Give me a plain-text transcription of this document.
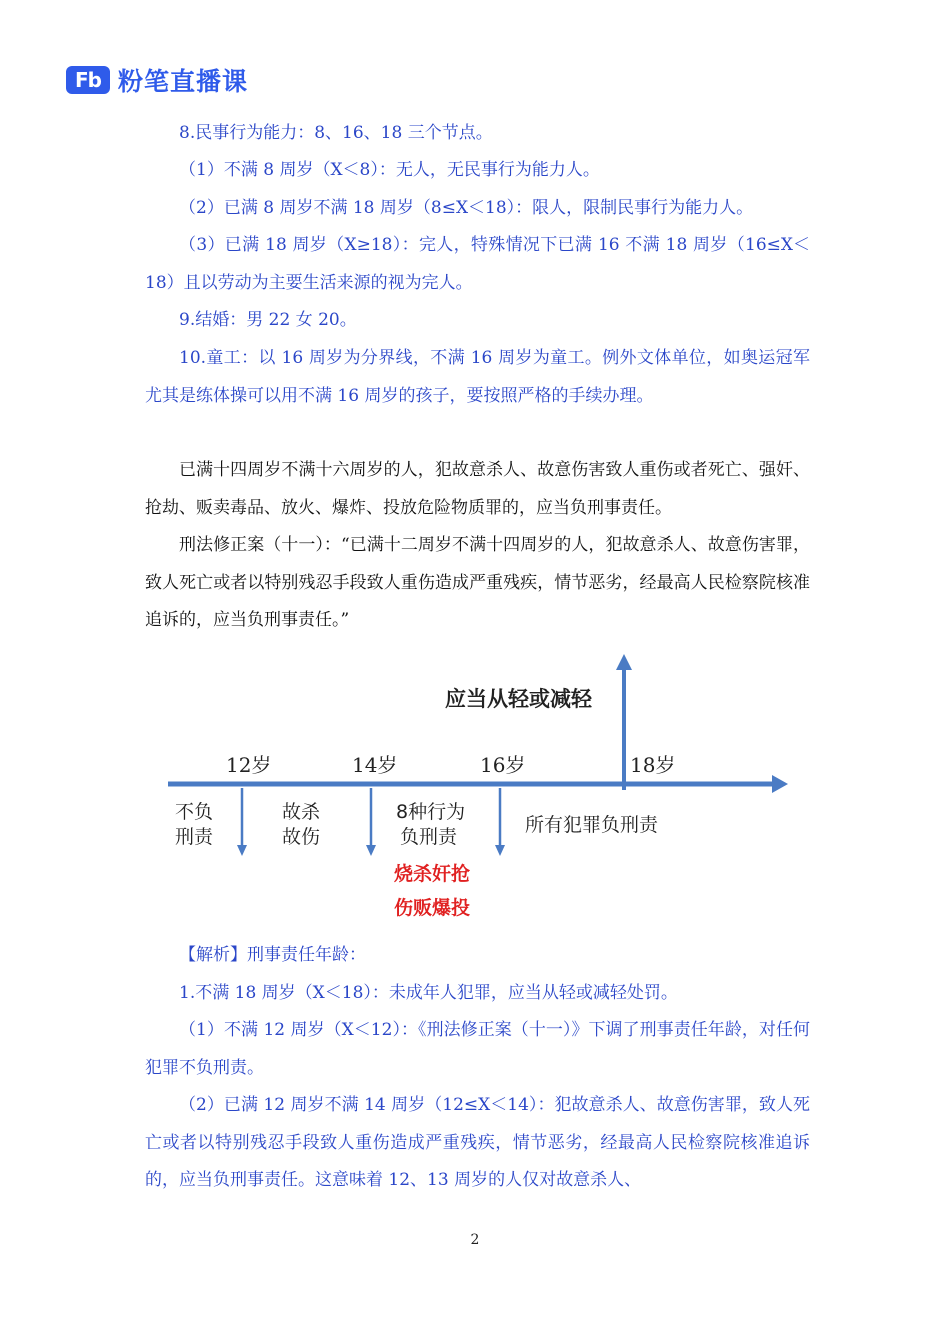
Fb 粉笔直播课

8.民事行为能力：8、16、18 三个节点。

（1）不满 8 周岁（X＜8）：无人，无民事行为能力人。

（2）已满 8 周岁不满 18 周岁（8≤X＜18）：限人，限制民事行为能力人。

（3）已满 18 周岁（X≥18）：完人，特殊情况下已满 16 不满 18 周岁（16≤X＜18）且以劳动为主要生活来源的视为完人。

9.结婚：男 22 女 20。

10.童工：以 16 周岁为分界线，不满 16 周岁为童工。例外文体单位，如奥运冠军尤其是练体操可以用不满 16 周岁的孩子，要按照严格的手续办理。

已满十四周岁不满十六周岁的人，犯故意杀人、故意伤害致人重伤或者死亡、强奸、抢劫、贩卖毒品、放火、爆炸、投放危险物质罪的，应当负刑事责任。

刑法修正案（十一）：“已满十二周岁不满十四周岁的人，犯故意杀人、故意伤害罪，致人死亡或者以特别残忍手段致人重伤造成严重残疾，情节恶劣，经最高人民检察院核准追诉的，应当负刑事责任。”

应当从轻或减轻
12岁	14岁	16岁	18岁
不负
刑责
故杀
故伤
8种行为
负刑责
所有犯罪负刑责
烧杀奸抢
伤贩爆投

【解析】刑事责任年龄：

1.不满 18 周岁（X＜18）：未成年人犯罪，应当从轻或减轻处罚。

（1）不满 12 周岁（X＜12）：《刑法修正案（十一）》下调了刑事责任年龄，对任何犯罪不负刑责。

（2）已满 12 周岁不满 14 周岁（12≤X＜14）：犯故意杀人、故意伤害罪，致人死亡或者以特别残忍手段致人重伤造成严重残疾，情节恶劣，经最高人民检察院核准追诉的，应当负刑事责任。这意味着 12、13 周岁的人仅对故意杀人、

2
